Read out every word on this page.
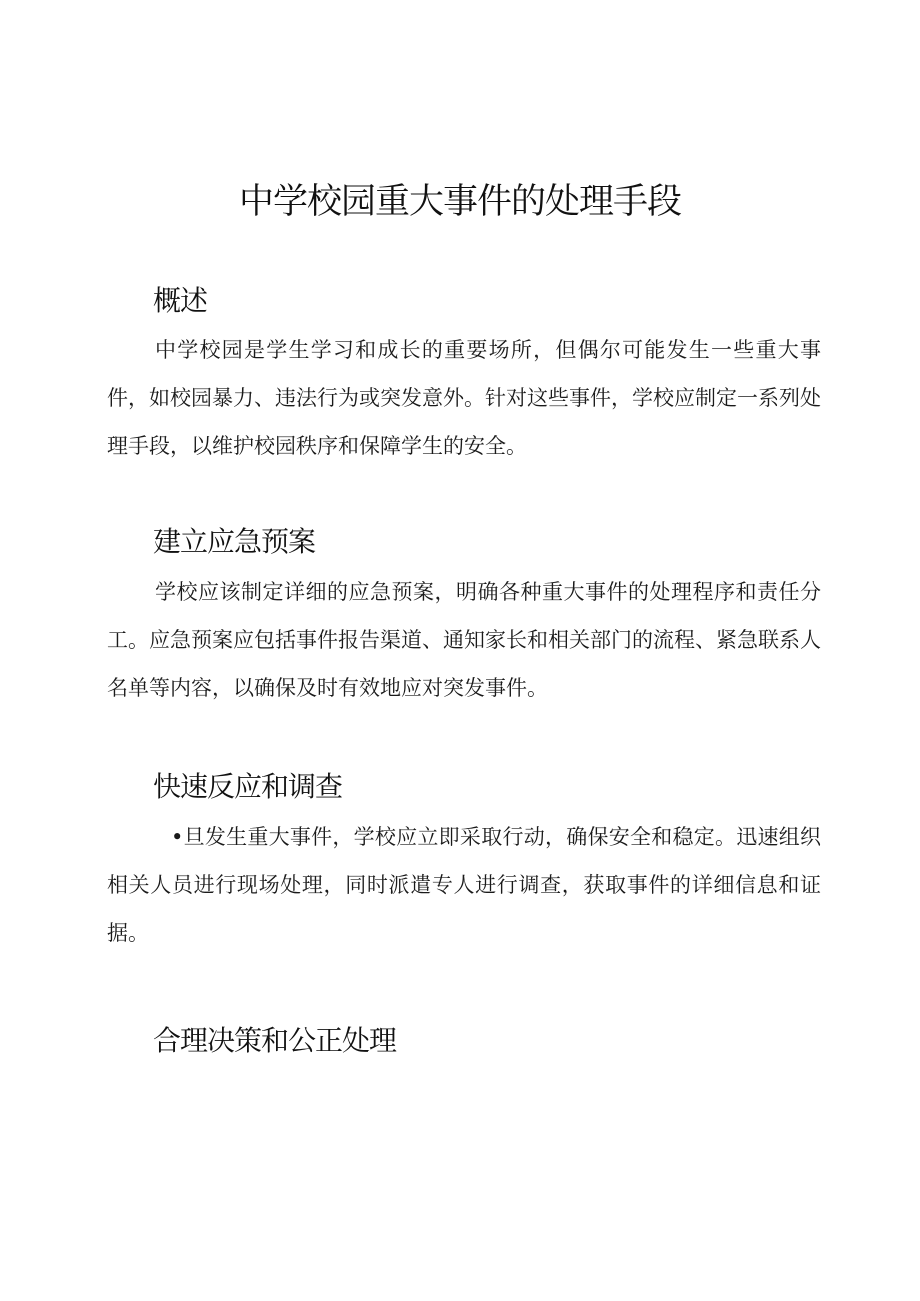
中学校园重大事件的处理手段
概述

中学校园是学生学习和成长的重要场所，但偶尔可能发生一些重大事件，如校园暴力、违法行为或突发意外。针对这些事件，学校应制定一系列处理手段，以维护校园秩序和保障学生的安全。

建立应急预案

学校应该制定详细的应急预案，明确各种重大事件的处理程序和责任分工。应急预案应包括事件报告渠道、通知家长和相关部门的流程、紧急联系人名单等内容，以确保及时有效地应对突发事件。

快速反应和调查

•旦发生重大事件，学校应立即采取行动，确保安全和稳定。迅速组织相关人员进行现场处理，同时派遣专人进行调查，获取事件的详细信息和证据。

合理决策和公正处理
